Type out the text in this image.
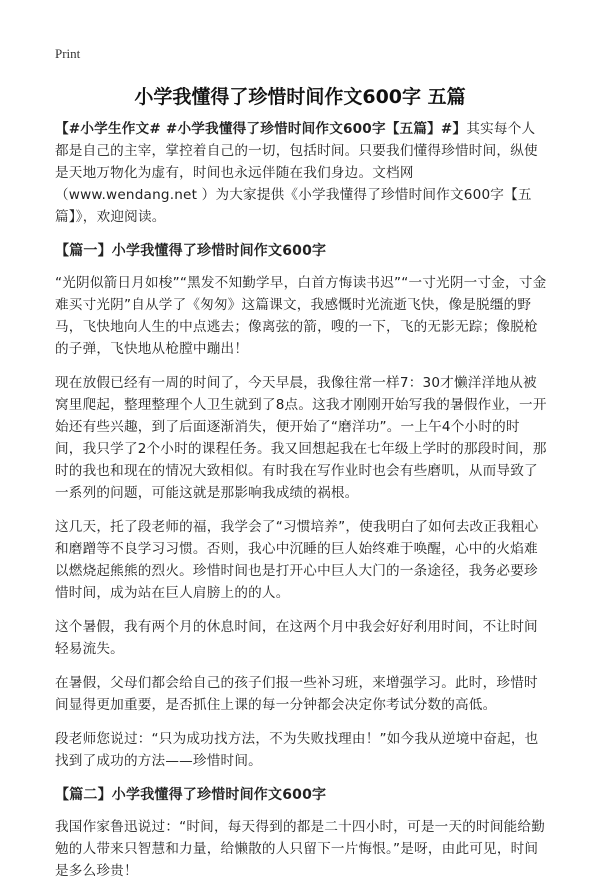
Print
小学我懂得了珍惜时间作文600字 五篇

【#小学生作文# #小学我懂得了珍惜时间作文600字【五篇】#】其实每个人都是自己的主宰，掌控着自己的一切，包括时间。只要我们懂得珍惜时间，纵使是天地万物化为虚有，时间也永远伴随在我们身边。文档网（www.wendang.net ）为大家提供《小学我懂得了珍惜时间作文600字【五篇】》，欢迎阅读。

【篇一】小学我懂得了珍惜时间作文600字

“光阴似箭日月如梭”“黑发不知勤学早，白首方悔读书迟”“一寸光阴一寸金，寸金难买寸光阴”自从学了《匆匆》这篇课文，我感慨时光流逝飞快，像是脱缰的野马，飞快地向人生的中点逃去；像离弦的箭，嗖的一下，飞的无影无踪；像脱枪的子弹，飞快地从枪膛中蹦出！

现在放假已经有一周的时间了，今天早晨，我像往常一样7：30才懒洋洋地从被窝里爬起，整理整理个人卫生就到了8点。这我才刚刚开始写我的暑假作业，一开始还有些兴趣，到了后面逐渐消失，便开始了“磨洋功”。一上午4个小时的时间，我只学了2个小时的课程任务。我又回想起我在七年级上学时的那段时间，那时的我也和现在的情况大致相似。有时我在写作业时也会有些磨叽，从而导致了一系列的问题，可能这就是那影响我成绩的祸根。

这几天，托了段老师的福，我学会了“习惯培养”，使我明白了如何去改正我粗心和磨蹭等不良学习习惯。否则，我心中沉睡的巨人始终难于唤醒，心中的火焰难以燃烧起熊熊的烈火。珍惜时间也是打开心中巨人大门的一条途径，我务必要珍惜时间，成为站在巨人肩膀上的的人。

这个暑假，我有两个月的休息时间，在这两个月中我会好好利用时间，不让时间轻易流失。

在暑假，父母们都会给自己的孩子们报一些补习班，来增强学习。此时，珍惜时间显得更加重要，是否抓住上课的每一分钟都会决定你考试分数的高低。

段老师您说过：“只为成功找方法，不为失败找理由！”如今我从逆境中奋起，也找到了成功的方法——珍惜时间。

【篇二】小学我懂得了珍惜时间作文600字

我国作家鲁迅说过：“时间，每天得到的都是二十四小时，可是一天的时间能给勤勉的人带来只智慧和力量，给懒散的人只留下一片悔恨。”是呀，由此可见，时间是多么珍贵！
